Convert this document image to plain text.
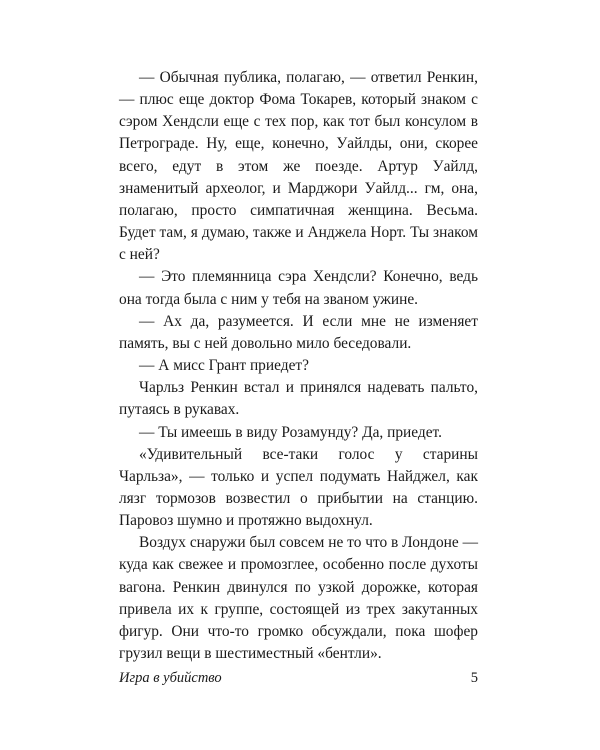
— Обычная публика, полагаю, — ответил Ренкин, — плюс еще доктор Фома Токарев, который знаком с сэром Хендсли еще с тех пор, как тот был консулом в Петрограде. Ну, еще, конечно, Уайлды, они, скорее всего, едут в этом же поезде. Артур Уайлд, знаменитый археолог, и Марджори Уайлд... гм, она, полагаю, просто симпатичная женщина. Весьма. Будет там, я думаю, также и Анджела Норт. Ты знаком с ней?

— Это племянница сэра Хендсли? Конечно, ведь она тогда была с ним у тебя на званом ужине.

— Ах да, разумеется. И если мне не изменяет память, вы с ней довольно мило беседовали.

— А мисс Грант приедет?

Чарльз Ренкин встал и принялся надевать пальто, путаясь в рукавах.

— Ты имеешь в виду Розамунду? Да, приедет.

«Удивительный все-таки голос у старины Чарльза», — только и успел подумать Найджел, как лязг тормозов возвестил о прибытии на станцию. Паровоз шумно и протяжно выдохнул.

Воздух снаружи был совсем не то что в Лондоне — куда как свежее и промозглее, особенно после духоты вагона. Ренкин двинулся по узкой дорожке, которая привела их к группе, состоящей из трех закутанных фигур. Они что-то громко обсуждали, пока шофер грузил вещи в шестиместный «бентли».

Игра в убийство	5
